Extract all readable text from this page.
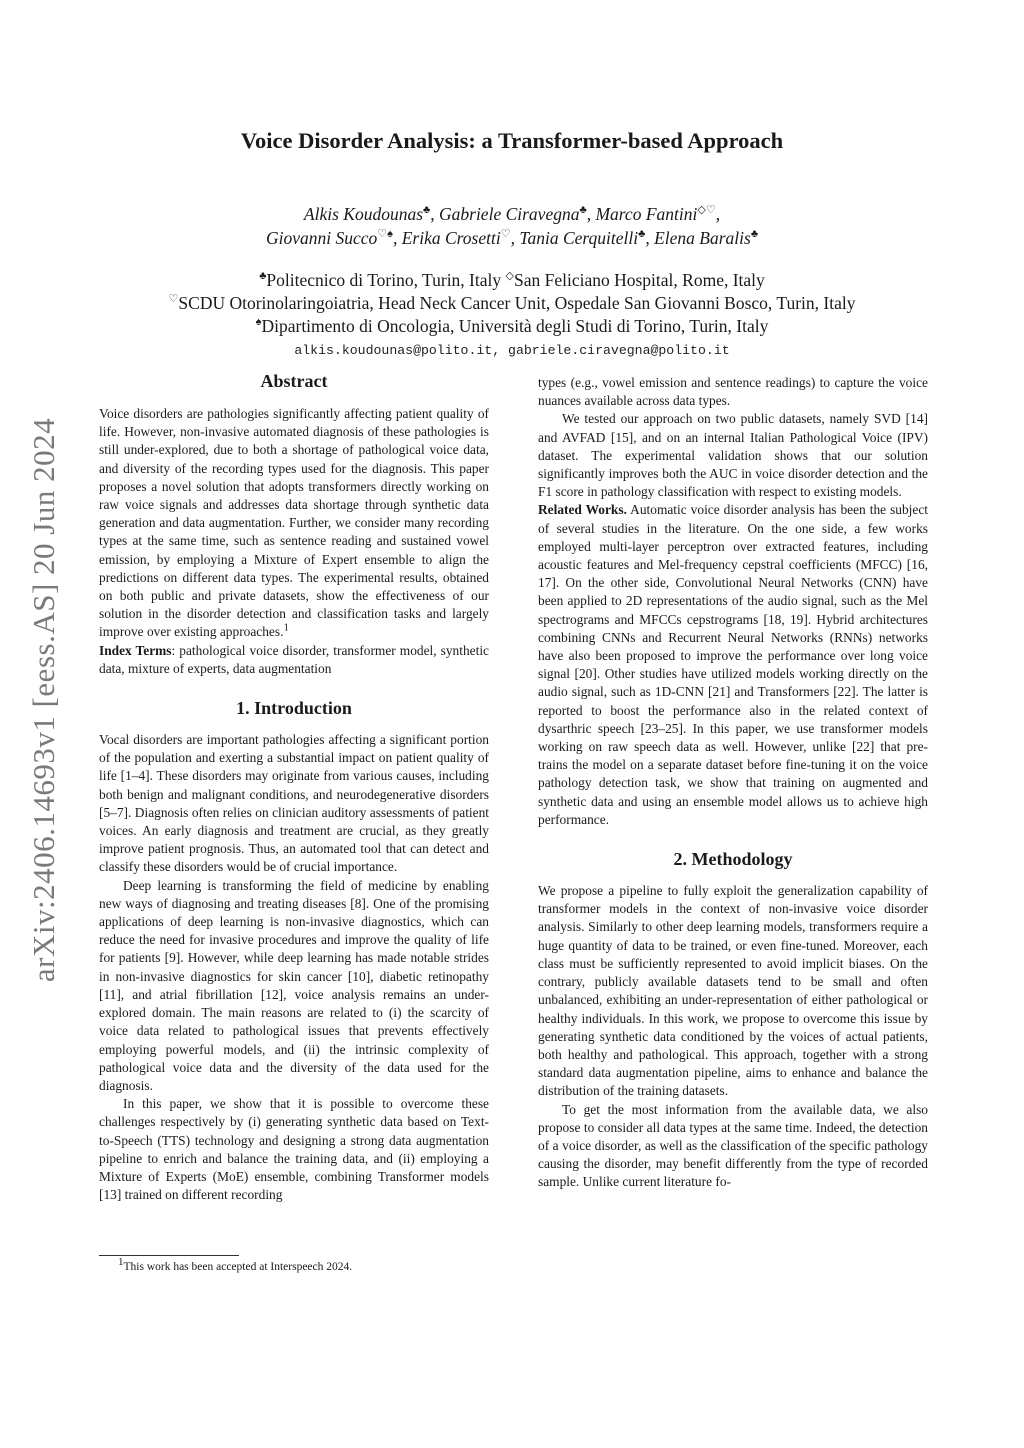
arXiv:2406.14693v1 [eess.AS] 20 Jun 2024
Voice Disorder Analysis: a Transformer-based Approach
Alkis Koudounas♣, Gabriele Ciravegna♣, Marco Fantini◇♡,
Giovanni Succo♡♠, Erika Crosetti♡, Tania Cerquitelli♣, Elena Baralis♣
♣Politecnico di Torino, Turin, Italy ◇San Feliciano Hospital, Rome, Italy
♡SCDU Otorinolaringoiatria, Head Neck Cancer Unit, Ospedale San Giovanni Bosco, Turin, Italy
♠Dipartimento di Oncologia, Università degli Studi di Torino, Turin, Italy
alkis.koudounas@polito.it, gabriele.ciravegna@polito.it
Abstract

Voice disorders are pathologies significantly affecting patient quality of life. However, non-invasive automated diagnosis of these pathologies is still under-explored, due to both a shortage of pathological voice data, and diversity of the recording types used for the diagnosis. This paper proposes a novel solution that adopts transformers directly working on raw voice signals and addresses data shortage through synthetic data generation and data augmentation. Further, we consider many recording types at the same time, such as sentence reading and sustained vowel emission, by employing a Mixture of Expert ensemble to align the predictions on different data types. The experimental results, obtained on both public and private datasets, show the effectiveness of our solution in the disorder detection and classification tasks and largely improve over existing approaches.$^1$

Index Terms: pathological voice disorder, transformer model, synthetic data, mixture of experts, data augmentation

1. Introduction

Vocal disorders are important pathologies affecting a significant portion of the population and exerting a substantial impact on patient quality of life [1–4]. These disorders may originate from various causes, including both benign and malignant conditions, and neurodegenerative disorders [5–7]. Diagnosis often relies on clinician auditory assessments of patient voices. An early diagnosis and treatment are crucial, as they greatly improve patient prognosis. Thus, an automated tool that can detect and classify these disorders would be of crucial importance.

Deep learning is transforming the field of medicine by enabling new ways of diagnosing and treating diseases [8]. One of the promising applications of deep learning is non-invasive diagnostics, which can reduce the need for invasive procedures and improve the quality of life for patients [9]. However, while deep learning has made notable strides in non-invasive diagnostics for skin cancer [10], diabetic retinopathy [11], and atrial fibrillation [12], voice analysis remains an under-explored domain. The main reasons are related to (i) the scarcity of voice data related to pathological issues that prevents effectively employing powerful models, and (ii) the intrinsic complexity of pathological voice data and the diversity of the data used for the diagnosis.

In this paper, we show that it is possible to overcome these challenges respectively by (i) generating synthetic data based on Text-to-Speech (TTS) technology and designing a strong data augmentation pipeline to enrich and balance the training data, and (ii) employing a Mixture of Experts (MoE) ensemble, combining Transformer models [13] trained on different recording

types (e.g., vowel emission and sentence readings) to capture the voice nuances available across data types.

We tested our approach on two public datasets, namely SVD [14] and AVFAD [15], and on an internal Italian Pathological Voice (IPV) dataset. The experimental validation shows that our solution significantly improves both the AUC in voice disorder detection and the F1 score in pathology classification with respect to existing models.

Related Works. Automatic voice disorder analysis has been the subject of several studies in the literature. On the one side, a few works employed multi-layer perceptron over extracted features, including acoustic features and Mel-frequency cepstral coefficients (MFCC) [16, 17]. On the other side, Convolutional Neural Networks (CNN) have been applied to 2D representations of the audio signal, such as the Mel spectrograms and MFCCs cepstrograms [18, 19]. Hybrid architectures combining CNNs and Recurrent Neural Networks (RNNs) networks have also been proposed to improve the performance over long voice signal [20]. Other studies have utilized models working directly on the audio signal, such as 1D-CNN [21] and Transformers [22]. The latter is reported to boost the performance also in the related context of dysarthric speech [23–25]. In this paper, we use transformer models working on raw speech data as well. However, unlike [22] that pre-trains the model on a separate dataset before fine-tuning it on the voice pathology detection task, we show that training on augmented and synthetic data and using an ensemble model allows us to achieve high performance.

2. Methodology

We propose a pipeline to fully exploit the generalization capability of transformer models in the context of non-invasive voice disorder analysis. Similarly to other deep learning models, transformers require a huge quantity of data to be trained, or even fine-tuned. Moreover, each class must be sufficiently represented to avoid implicit biases. On the contrary, publicly available datasets tend to be small and often unbalanced, exhibiting an under-representation of either pathological or healthy individuals. In this work, we propose to overcome this issue by generating synthetic data conditioned by the voices of actual patients, both healthy and pathological. This approach, together with a strong standard data augmentation pipeline, aims to enhance and balance the distribution of the training datasets.

To get the most information from the available data, we also propose to consider all data types at the same time. Indeed, the detection of a voice disorder, as well as the classification of the specific pathology causing the disorder, may benefit differently from the type of recorded sample. Unlike current literature fo-

$^1$This work has been accepted at Interspeech 2024.
